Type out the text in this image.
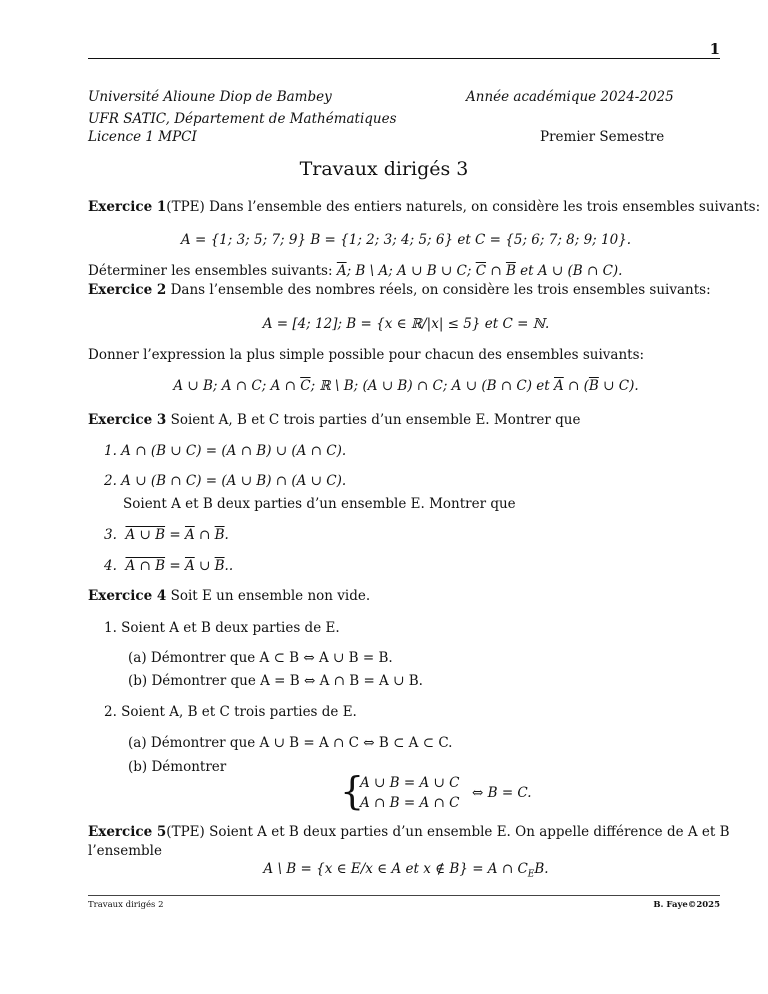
1
Université Alioune Diop de Bambey	Année académique 2024-2025
UFR SATIC, Département de Mathématiques
Licence 1 MPCI	Premier Semestre
Travaux dirigés 3
Exercice 1(TPE) Dans l’ensemble des entiers naturels, on considère les trois ensembles suivants:
A = {1; 3; 5; 7; 9} B = {1; 2; 3; 4; 5; 6} et C = {5; 6; 7; 8; 9; 10}.
Déterminer les ensembles suivants: $\overline{A}$; B \ A; A ∪ B ∪ C; $\overline{C}$ ∩ $\overline{B}$ et A ∪ (B ∩ C).
Exercice 2 Dans l’ensemble des nombres réels, on considère les trois ensembles suivants:
A = [4; 12]; B = {x ∈ ℝ/|x| ≤ 5} et C = ℕ.
Donner l’expression la plus simple possible pour chacun des ensembles suivants:
A ∪ B; A ∩ C; A ∩ $\overline{C}$; ℝ \ B; (A ∪ B) ∩ C; A ∪ (B ∩ C) et $\overline{A}$ ∩ ($\overline{B}$ ∪ C).
Exercice 3 Soient A, B et C trois parties d’un ensemble E. Montrer que
1. A ∩ (B ∪ C) = (A ∩ B) ∪ (A ∩ C).
2. A ∪ (B ∩ C) = (A ∪ B) ∩ (A ∪ C).
Soient A et B deux parties d’un ensemble E. Montrer que
3. A ∪ $B = \overline{A}$ ∩ $\overline{B}$.
4. A ∩ $B = \overline{A}$ ∪ $\overline{B}$..
Exercice 4 Soit E un ensemble non vide.
1. Soient A et B deux parties de E.
(a) Démontrer que A ⊂ B ⇔ A ∪ B = B.
(b) Démontrer que A = B ⇔ A ∩ B = A ∪ B.
2. Soient A, B et C trois parties de E.
(a) Démontrer que A ∪ B = A ∩ C ⇔ B ⊂ A ⊂ C.
(b) Démontrer
{
A ∪ B = A ∪ C
A ∩ B = A ∩ C
⇔ B = C.
Exercice 5(TPE) Soient A et B deux parties d’un ensemble E. On appelle différence de A et B
l’ensemble
A \ B = {x ∈ E/x ∈ A et x ∉ B} = A ∩ $C_EB$.
Travaux dirigés 2	B. Faye©2025
